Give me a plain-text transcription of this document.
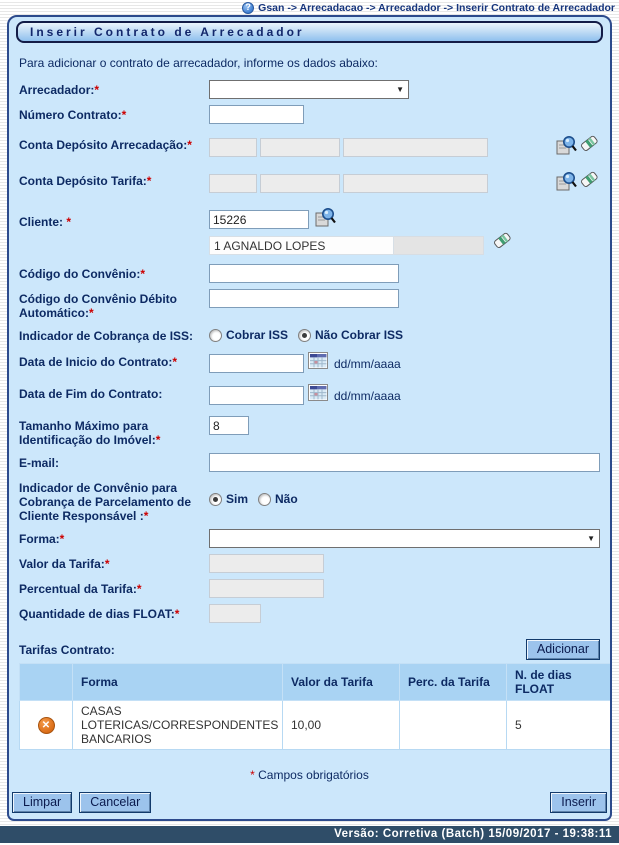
? Gsan -> Arrecadacao -> Arrecadador -> Inserir Contrato de Arrecadador
Inserir Contrato de Arrecadador
Para adicionar o contrato de arrecadador, informe os dados abaixo:
Arrecadador:*	▼
Número Contrato:*
Conta Depósito Arrecadação:*
Conta Depósito Tarifa:*
Cliente: *
15226
1 AGNALDO LOPES
Código do Convênio:*
Código do Convênio Débito Automático:*
Indicador de Cobrança de ISS:	Cobrar ISS Não Cobrar ISS
Data de Inicio do Contrato:*	dd/mm/aaaa
Data de Fim do Contrato:	dd/mm/aaaa
Tamanho Máximo para Identificação do Imóvel:*
8
E-mail:
Indicador de Convênio para Cobrança de Parcelamento de Cliente Responsável :*
Sim Não
Forma:*	▼
Valor da Tarifa:*
Percentual da Tarifa:*
Quantidade de dias FLOAT:*
Tarifas Contrato:	Adicionar
	Forma	Valor da Tarifa	Perc. da Tarifa	N. de dias FLOAT

✕	CASAS LOTERICAS/CORRESPONDENTES BANCARIOS	10,00		5
* Campos obrigatórios
Limpar	Cancelar	Inserir
Versão: Corretiva (Batch) 15/09/2017 - 19:38:11
